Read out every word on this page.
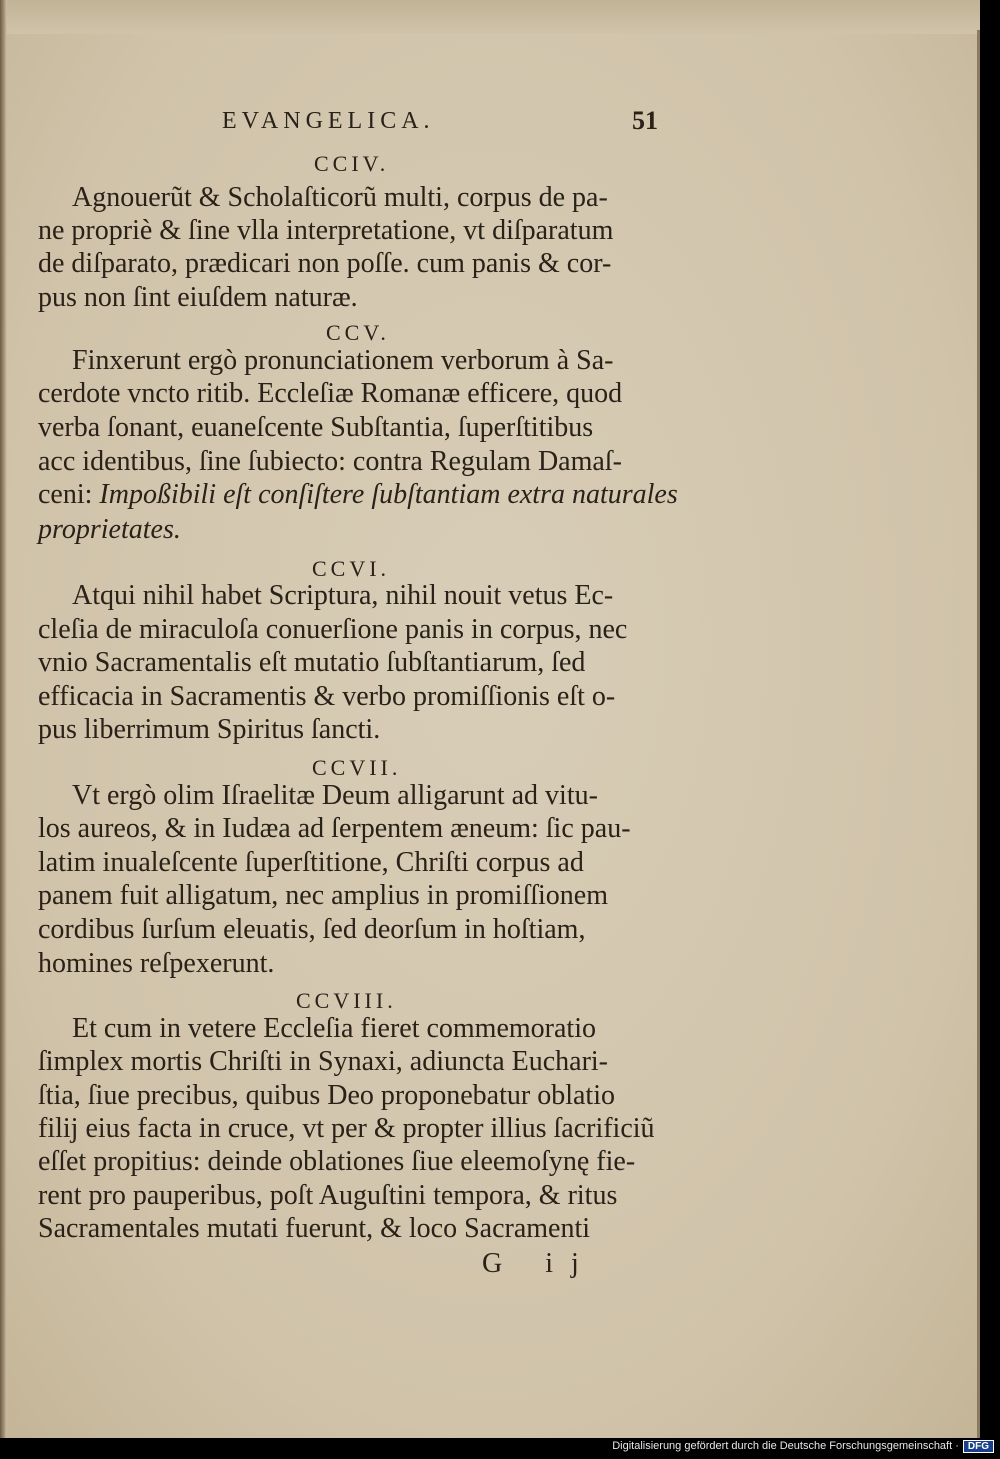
EVANGELICA.	51
CCIV.
Agnouerũt & Scholaſticorũ multi, corpus de pa-
ne propriè & ſine vlla interpretatione, vt diſparatum
de diſparato, prædicari non poſſe. cum panis & cor-
pus non ſint eiuſdem naturæ.
CCV.
Finxerunt ergò pronunciationem verborum à Sa-
cerdote vncto ritib. Eccleſiæ Romanæ efficere, quod
verba ſonant, euaneſcente Subſtantia, ſuperſtitibus
acc identibus, ſine ſubiecto: contra Regulam Damaſ-
ceni: Impoßibili eſt conſiſtere ſubſtantiam extra naturales
proprietates.
CCVI.
Atqui nihil habet Scriptura, nihil nouit vetus Ec-
cleſia de miraculoſa conuerſione panis in corpus, nec
vnio Sacramentalis eſt mutatio ſubſtantiarum, ſed
efficacia in Sacramentis & verbo promiſſionis eſt o-
pus liberrimum Spiritus ſancti.
CCVII.
Vt ergò olim Iſraelitæ Deum alligarunt ad vitu-
los aureos, & in Iudæa ad ſerpentem æneum: ſic pau-
latim inualeſcente ſuperſtitione, Chriſti corpus ad
panem fuit alligatum, nec amplius in promiſſionem
cordibus ſurſum eleuatis, ſed deorſum in hoſtiam,
homines reſpexerunt.
CCVIII.
Et cum in vetere Eccleſia fieret commemoratio
ſimplex mortis Chriſti in Synaxi, adiuncta Euchari-
ſtia, ſiue precibus, quibus Deo proponebatur oblatio
filij eius facta in cruce, vt per & propter illius ſacrificiũ
eſſet propitius: deinde oblationes ſiue eleemoſynę fie-
rent pro pauperibus, poſt Auguſtini tempora, & ritus
Sacramentales mutati fuerunt, & loco Sacramenti
G ij
Digitalisierung gefördert durch die Deutsche Forschungsgemeinschaft · DFG
